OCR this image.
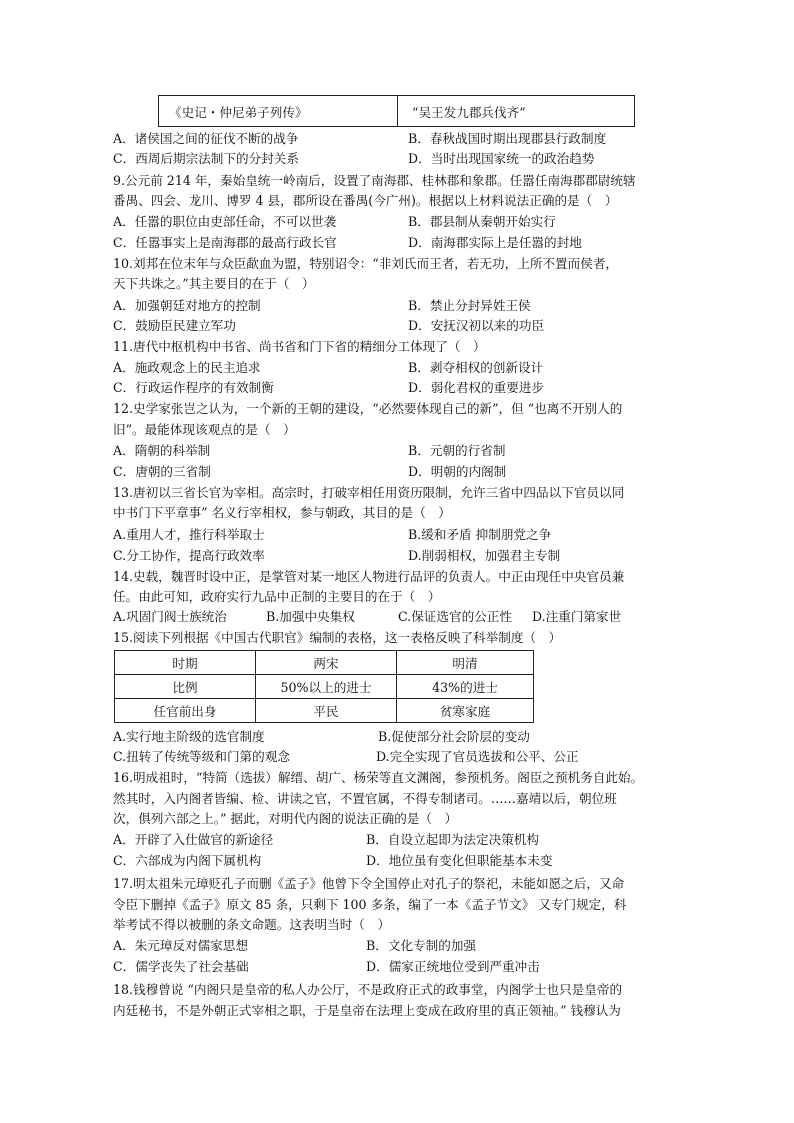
《史记・仲尼弟子列传》	“吴王发九郡兵伐齐”
A．诸侯国之间的征伐不断的战争	B．春秋战国时期出现郡县行政制度
C．西周后期宗法制下的分封关系	D．当时出现国家统一的政治趋势
9.公元前 214 年，秦始皇统一岭南后，设置了南海郡、桂林郡和象郡。任嚣任南海郡郡尉统辖
番禺、四会、龙川、博罗 4 县，郡所设在番禺(今广州)。根据以上材料说法正确的是（　）
A．任嚣的职位由吏部任命，不可以世袭	B．郡县制从秦朝开始实行
C．任嚣事实上是南海郡的最高行政长官	D．南海郡实际上是任嚣的封地
10.刘邦在位末年与众臣歃血为盟，特别诏令：“非刘氏而王者，若无功，上所不置而侯者，
天下共诛之。”其主要目的在于（　）
A．加强朝廷对地方的控制	B．禁止分封异姓王侯
C．鼓励臣民建立军功	D．安抚汉初以来的功臣
11.唐代中枢机构中书省、尚书省和门下省的精细分工体现了（　）
A．施政观念上的民主追求	B．剥夺相权的创新设计
C．行政运作程序的有效制衡	D．弱化君权的重要进步
12.史学家张岂之认为，一个新的王朝的建设，“必然要体现自己的新”，但 “也离不开别人的
旧”。最能体现该观点的是（　）
A．隋朝的科举制	B．元朝的行省制
C．唐朝的三省制	D．明朝的内阁制
13.唐初以三省长官为宰相。高宗时，打破宰相任用资历限制，允许三省中四品以下官员以同
中书门下平章事” 名义行宰相权，参与朝政，其目的是（　）
A.重用人才，推行科举取士	B.缓和矛盾 抑制朋党之争
C.分工协作，提高行政效率	D.削弱相权，加强君主专制
14.史载，魏晋时设中正，是掌管对某一地区人物进行品评的负责人。中正由现任中央官员兼
任。由此可知，政府实行九品中正制的主要目的在于（　）
A.巩固门阀士族统治	B.加强中央集权	C.保证选官的公正性 D.注重门第家世
15.阅读下列根据《中国古代职官》编制的表格，这一表格反映了科举制度（　）
时期	两宋	明清
比例	50%以上的进士	43%的进士
任官前出身	平民	贫寒家庭
A.实行地主阶级的选官制度	B.促使部分社会阶层的变动
C.扭转了传统等级和门第的观念	D.完全实现了官员选拔和公平、公正
16.明成祖时，“特简（选拔）解缙、胡广、杨荣等直文渊阁，参预机务。阁臣之预机务自此始。
然其时，入内阁者皆编、检、讲读之官，不置官属，不得专制诸司。……嘉靖以后，朝位班
次，俱列六部之上。” 据此，对明代内阁的说法正确的是（　）
A．开辟了入仕做官的新途径	B．自设立起即为法定决策机构
C．六部成为内阁下属机构	D．地位虽有变化但职能基本未变
17.明太祖朱元璋贬孔子而删《孟子》他曾下令全国停止对孔子的祭祀，未能如愿之后，又命
令臣下删掉《孟子》原文 85 条，只剩下 100 多条，编了一本《孟子节文》 又专门规定，科
举考试不得以被删的条文命题。这表明当时（　）
A．朱元璋反对儒家思想	B．文化专制的加强
C．儒学丧失了社会基础	D．儒家正统地位受到严重冲击
18.钱穆曾说 “内阁只是皇帝的私人办公厅，不是政府正式的政事堂，内阁学士也只是皇帝的
内廷秘书，不是外朝正式宰相之职，于是皇帝在法理上变成在政府里的真正领袖。” 钱穆认为
